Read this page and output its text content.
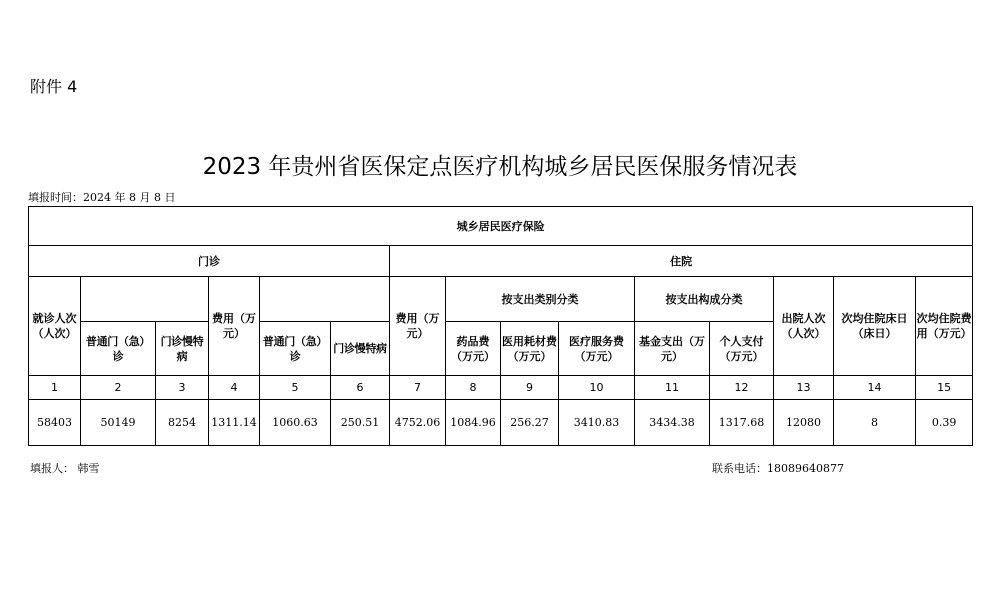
附件 4
2023 年贵州省医保定点医疗机构城乡居民医保服务情况表
填报时间：2024 年 8 月 8 日
城乡居民医疗保险														
门诊						住院								
就诊人次（人次）			费用（万元）			费用（万元）	按支出类别分类			按支出构成分类		出院人次（人次）	次均住院床日（床日）	次均住院费用（万元）
	普通门（急）诊	门诊慢特病		普通门（急）诊	门诊慢特病		药品费（万元）	医用耗材费（万元）	医疗服务费（万元）	基金支出（万元）	个人支付（万元）			
1	2	3	4	5	6	7	8	9	10	11	12	13	14	15
58403	50149	8254	1311.14	1060.63	250.51	4752.06	1084.96	256.27	3410.83	3434.38	1317.68	12080	8	0.39
填报人： 韩雪	联系电话：18089640877
